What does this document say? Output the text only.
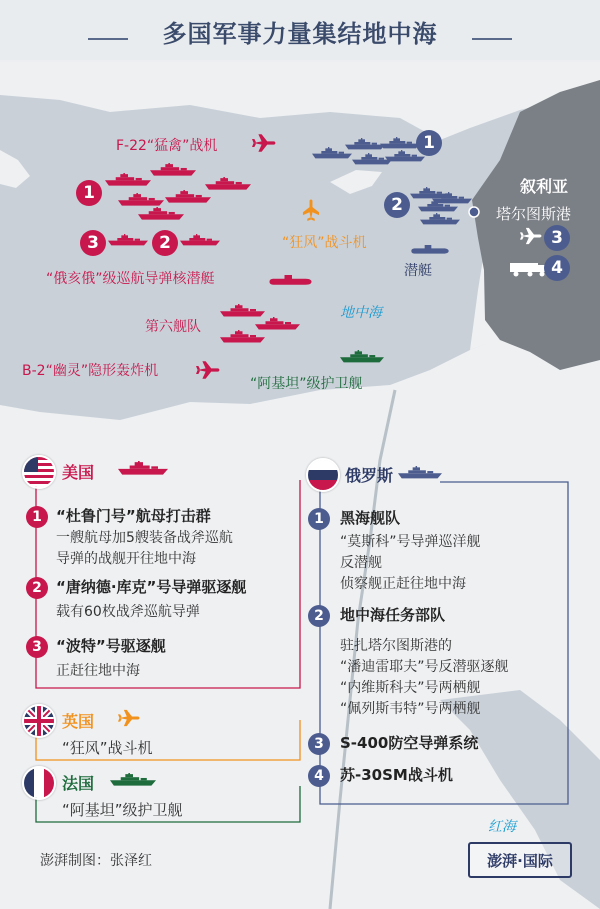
多国军事力量集结地中海
F-22“猛禽”战机
“狂风”战斗机
潜艇
“俄亥俄”级巡航导弹核潜艇
第六舰队
B-2“幽灵”隐形轰炸机
“阿基坦”级护卫舰
地中海
红海
叙利亚
塔尔图斯港
1
2
3
1
2
3
4
美国
1 “杜鲁门号”航母打击群
一艘航母加5艘装备战斧巡航
导弹的战舰开往地中海
2 “唐纳德·库克”号导弹驱逐舰
载有60枚战斧巡航导弹
3 “波特”号驱逐舰
正赶往地中海
英国
“狂风”战斗机
法国
“阿基坦”级护卫舰
俄罗斯
1	黑海舰队
“莫斯科”号导弹巡洋舰
反潜舰
侦察舰正赶往地中海
2	地中海任务部队
驻扎塔尔图斯港的
“潘迪雷耶夫”号反潜驱逐舰
“内维斯科夫”号两栖舰
“佩列斯韦特”号两栖舰
3	S-400防空导弹系统
4	苏-30SM战斗机
澎湃制图：张泽红	澎湃·国际
